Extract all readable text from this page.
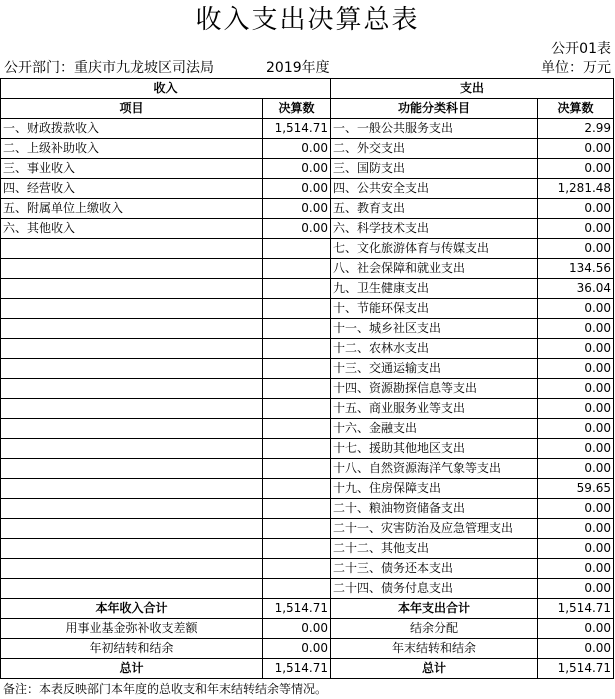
收入支出决算总表
公开01表
公开部门：重庆市九龙坡区司法局	2019年度	单位：万元
收入		支出	
项目	决算数	功能分类科目	决算数
一、财政拨款收入	1,514.71	一、一般公共服务支出	2.99
二、上级补助收入	0.00	二、外交支出	0.00
三、事业收入	0.00	三、国防支出	0.00
四、经营收入	0.00	四、公共安全支出	1,281.48
五、附属单位上缴收入	0.00	五、教育支出	0.00
六、其他收入	0.00	六、科学技术支出	0.00
		七、文化旅游体育与传媒支出	0.00
		八、社会保障和就业支出	134.56
		九、卫生健康支出	36.04
		十、节能环保支出	0.00
		十一、城乡社区支出	0.00
		十二、农林水支出	0.00
		十三、交通运输支出	0.00
		十四、资源勘探信息等支出	0.00
		十五、商业服务业等支出	0.00
		十六、金融支出	0.00
		十七、援助其他地区支出	0.00
		十八、自然资源海洋气象等支出	0.00
		十九、住房保障支出	59.65
		二十、粮油物资储备支出	0.00
		二十一、灾害防治及应急管理支出	0.00
		二十二、其他支出	0.00
		二十三、债务还本支出	0.00
		二十四、债务付息支出	0.00
本年收入合计	1,514.71	本年支出合计	1,514.71
用事业基金弥补收支差额	0.00	结余分配	0.00
年初结转和结余	0.00	年末结转和结余	0.00
总计	1,514.71	总计	1,514.71
备注：本表反映部门本年度的总收支和年末结转结余等情况。
